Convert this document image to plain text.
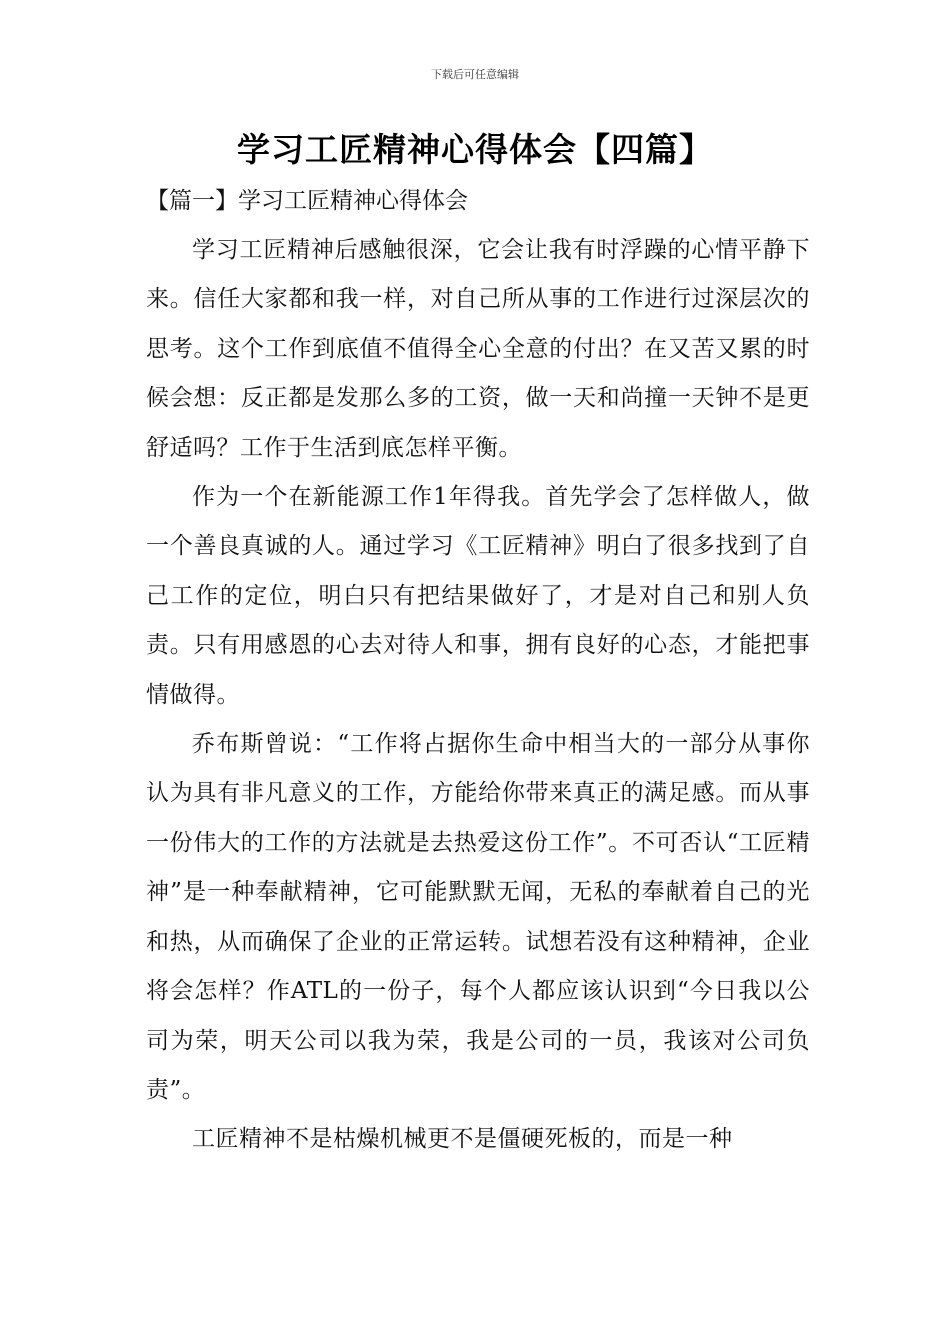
下载后可任意编辑
学习工匠精神心得体会【四篇】
【篇一】学习工匠精神心得体会

学习工匠精神后感触很深，它会让我有时浮躁的心情平静下来。信任大家都和我一样，对自己所从事的工作进行过深层次的思考。这个工作到底值不值得全心全意的付出？在又苦又累的时候会想：反正都是发那么多的工资，做一天和尚撞一天钟不是更舒适吗？工作于生活到底怎样平衡。

作为一个在新能源工作1年得我。首先学会了怎样做人，做一个善良真诚的人。通过学习《工匠精神》明白了很多找到了自己工作的定位，明白只有把结果做好了，才是对自己和别人负责。只有用感恩的心去对待人和事，拥有良好的心态，才能把事情做得。

乔布斯曾说：“工作将占据你生命中相当大的一部分从事你认为具有非凡意义的工作，方能给你带来真正的满足感。而从事一份伟大的工作的方法就是去热爱这份工作”。不可否认“工匠精神”是一种奉献精神，它可能默默无闻，无私的奉献着自己的光和热，从而确保了企业的正常运转。试想若没有这种精神，企业将会怎样？作ATL的一份子，每个人都应该认识到“今日我以公司为荣，明天公司以我为荣，我是公司的一员，我该对公司负责”。

工匠精神不是枯燥机械更不是僵硬死板的，而是一种
